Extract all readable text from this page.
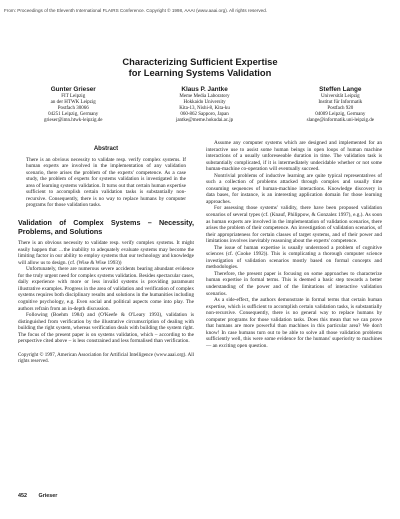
From: Proceedings of the Eleventh International FLAIRS Conference. Copyright © 1998, AAAI (www.aaai.org). All rights reserved.
Characterizing Sufficient Expertise
for Learning Systems Validation
Gunter Grieser
FIT Leipzig
an der HTWK Leipzig
Postfach 30066
04251 Leipzig, Germany
grieser@imn.htwk-leipzig.de
Klaus P. Jantke
Meme Media Laboratory
Hokkaido University
Kita-13, Nishi-8, Kita-ku
060-862 Sapporo, Japan
jantke@meme.hokudai.ac.jp
Steffen Lange
Universität Leipzig
Institut für Informatik
Postfach 920
04009 Leipzig, Germany
slange@informatik.uni-leipzig.de
Abstract
There is an obvious necessity to validate resp. verify complex systems. If human experts are involved in the implementation of any validation scenario, there arises the problem of the experts' competence. As a case study, the problem of experts for systems validation is investigated in the area of learning systems validation. It turns out that certain human expertise sufficient to accomplish certain validation tasks is substantially non-recursive. Consequently, there is no way to replace humans by computer programs for those validation tasks.
Validation of Complex Systems – Necessity, Problems, and Solutions

There is an obvious necessity to validate resp. verify complex systems. It might easily happen that …the inability to adequately evaluate systems may become the limiting factor in our ability to employ systems that our technology and knowledge will allow us to design. (cf. (Wise & Wise 1993))

Unfortunately, there are numerous severe accidents bearing abundant evidence for the truly urgent need for complex systems validation. Besides spectacular cases, daily experience with more or less invalid systems is providing paramount illustrative examples. Progress in the area of validation and verification of complex systems requires both disciplinary results and solutions in the humanities including cognitive psychology, e.g. Even social and political aspects come into play. The authors refrain from an in-depth discussion.

Following (Boehm 1984) and (O'Keefe & O'Leary 1993), validation is distinguished from verification by the illustrative circumscription of dealing with building the right system, whereas verification deals with building the system right. The focus of the present paper is on systems validation, which – according to the perspective cited above – is less constrained and less formalised than verification.

Copyright © 1997, American Association for Artificial Intelligence (www.aaai.org). All rights reserved.

Assume any computer systems which are designed and implemented for an interactive use to assist some human beings in open loops of human machine interactions of a usually unforeseeable duration in time. The validation task is substantially complicated, if it is intermediately undecidable whether or not some human-machine co-operation will eventually succeed.

Nontrivial problems of inductive learning are quite typical representatives of such a collection of problems attacked through complex and usually time consuming sequences of human-machine interactions. Knowledge discovery in data bases, for instance, is an interesting application domain for those learning approaches.

For assessing those systems' validity, there have been proposed validation scenarios of several types (cf. (Knauf, Philippow, & Gonzalez 1997), e.g.). As soon as human experts are involved in the implementation of validation scenarios, there arises the problem of their competence. An investigation of validation scenarios, of their appropriateness for certain classes of target systems, and of their power and limitations involves inevitably reasoning about the experts' competence.

The issue of human expertise is usually understood a problem of cognitive sciences (cf. (Cooke 1992)). This is complicating a thorough computer science investigation of validation scenarios mostly based on formal concepts and methodologies.

Therefore, the present paper is focusing on some approaches to characterize human expertise in formal terms. This is deemed a basic step towards a better understanding of the power and of the limitations of interactive validation scenarios.

As a side-effect, the authors demonstrate in formal terms that certain human expertise, which is sufficient to accomplish certain validation tasks, is substantially non-recursive. Consequently, there is no general way to replace humans by computer programs for those validation tasks. Does this mean that we can prove that humans are more powerful than machines in this particular area? We don't know! In case humans turn out to be able to solve all those validation problems sufficiently well, this were some evidence for the humans' superiority to machines — an exciting open question.

452 Grieser
